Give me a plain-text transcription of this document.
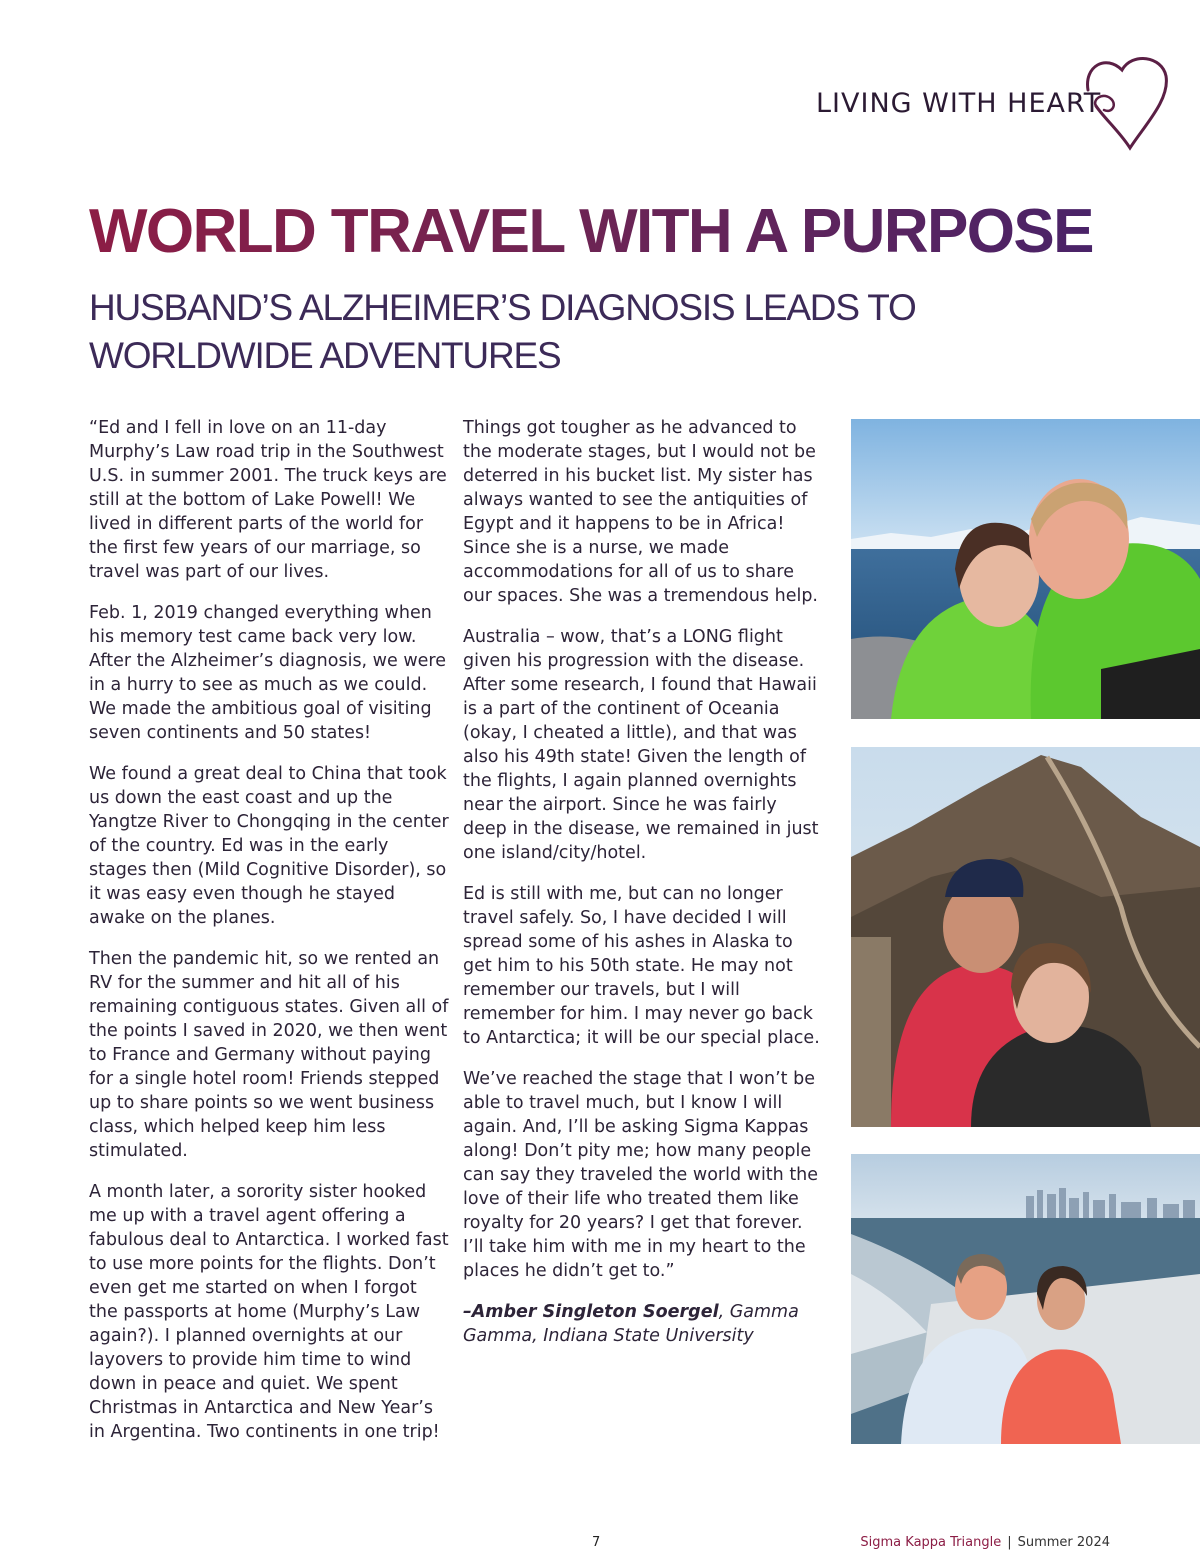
LIVING WITH HEART
WORLD TRAVEL WITH A PURPOSE
HUSBAND’S ALZHEIMER’S DIAGNOSIS LEADS TO WORLDWIDE ADVENTURES

“Ed and I fell in love on an 11-day Murphy’s Law road trip in the Southwest U.S. in summer 2001. The truck keys are still at the bottom of Lake Powell! We lived in different parts of the world for the first few years of our marriage, so travel was part of our lives.

Feb. 1, 2019 changed everything when his memory test came back very low. After the Alzheimer’s diagnosis, we were in a hurry to see as much as we could. We made the ambitious goal of visiting seven continents and 50 states!

We found a great deal to China that took us down the east coast and up the Yangtze River to Chongqing in the center of the country. Ed was in the early stages then (Mild Cognitive Disorder), so it was easy even though he stayed awake on the planes.

Then the pandemic hit, so we rented an RV for the summer and hit all of his remaining contiguous states. Given all of the points I saved in 2020, we then went to France and Germany without paying for a single hotel room! Friends stepped up to share points so we went business class, which helped keep him less stimulated.

A month later, a sorority sister hooked me up with a travel agent offering a fabulous deal to Antarctica. I worked fast to use more points for the flights. Don’t even get me started on when I forgot the passports at home (Murphy’s Law again?). I planned overnights at our layovers to provide him time to wind down in peace and quiet. We spent Christmas in Antarctica and New Year’s in Argentina. Two continents in one trip!

Things got tougher as he advanced to the moderate stages, but I would not be deterred in his bucket list. My sister has always wanted to see the antiquities of Egypt and it happens to be in Africa! Since she is a nurse, we made accommodations for all of us to share our spaces. She was a tremendous help.

Australia – wow, that’s a LONG flight given his progression with the disease. After some research, I found that Hawaii is a part of the continent of Oceania (okay, I cheated a little), and that was also his 49th state! Given the length of the flights, I again planned overnights near the airport. Since he was fairly deep in the disease, we remained in just one island/city/hotel.

Ed is still with me, but can no longer travel safely. So, I have decided I will spread some of his ashes in Alaska to get him to his 50th state. He may not remember our travels, but I will remember for him. I may never go back to Antarctica; it will be our special place.

We’ve reached the stage that I won’t be able to travel much, but I know I will again. And, I’ll be asking Sigma Kappas along! Don’t pity me; how many people can say they traveled the world with the love of their life who treated them like royalty for 20 years? I get that forever. I’ll take him with me in my heart to the places he didn’t get to.”

–Amber Singleton Soergel, Gamma Gamma, Indiana State University

7	Sigma Kappa Triangle | Summer 2024
